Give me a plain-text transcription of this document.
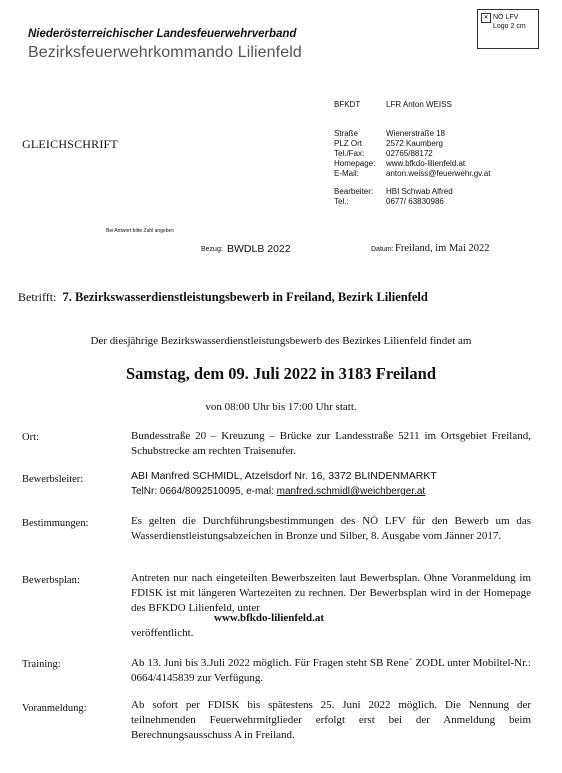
Niederösterreichischer Landesfeuerwehrverband
Bezirksfeuerwehrkommando Lilienfeld
✕ NÖ LFV Logo 2 cm
BFKDT	LFR Anton WEISS
Straße	Wienerstraße 18
PLZ Ort	2572 Kaumberg
Tel./Fax:	02765/88172
Homepage: www.bfkdo-lilienfeld.at
E-Mail:	anton.weiss@feuerwehr.gv.at
Bearbeiter: HBI Schwab Alfred
Tel.:	0677/ 63830986
GLEICHSCHRIFT
Bei Antwort bitte Zahl angeben
Bezug: BWDLB 2022	Datum: Freiland, im Mai 2022
Betrifft: 7. Bezirkswasserdienstleistungsbewerb in Freiland, Bezirk Lilienfeld
Der diesjährige Bezirkswasserdienstleistungsbewerb des Bezirkes Lilienfeld findet am
Samstag, dem 09. Juli 2022 in 3183 Freiland
von 08:00 Uhr bis 17:00 Uhr statt.
Ort:	Bundesstraße 20 – Kreuzung – Brücke zur Landesstraße 5211 im Ortsgebiet Freiland, Schubstrecke am rechten Traisenufer.
Bewerbsleiter:	ABI Manfred SCHMIDL, Atzelsdorf Nr. 16, 3372 BLINDENMARKT
TelNr: 0664/8092510095, e-mal: manfred.schmidl@weichberger.at
Bestimmungen:	Es gelten die Durchführungsbestimmungen des NÖ LFV für den Bewerb um das Wasserdienstleistungsabzeichen in Bronze und Silber, 8. Ausgabe vom Jänner 2017.
Bewerbsplan:	Antreten nur nach eingeteilten Bewerbszeiten laut Bewerbsplan. Ohne Voranmeldung im FDISK ist mit längeren Wartezeiten zu rechnen. Der Bewerbsplan wird in der Homepage des BFKDO Lilienfeld, unter
www.bfkdo-lilienfeld.at
veröffentlicht.
Training:	Ab 13. Juni bis 3.Juli 2022 möglich. Für Fragen steht SB Rene` ZODL unter Mobiltel-Nr.: 0664/4145839 zur Verfügung.
Voranmeldung:	Ab sofort per FDISK bis spätestens 25. Juni 2022 möglich. Die Nennung der teilnehmenden Feuerwehrmitglieder erfolgt erst bei der Anmeldung beim Berechnungsausschuss A in Freiland.
